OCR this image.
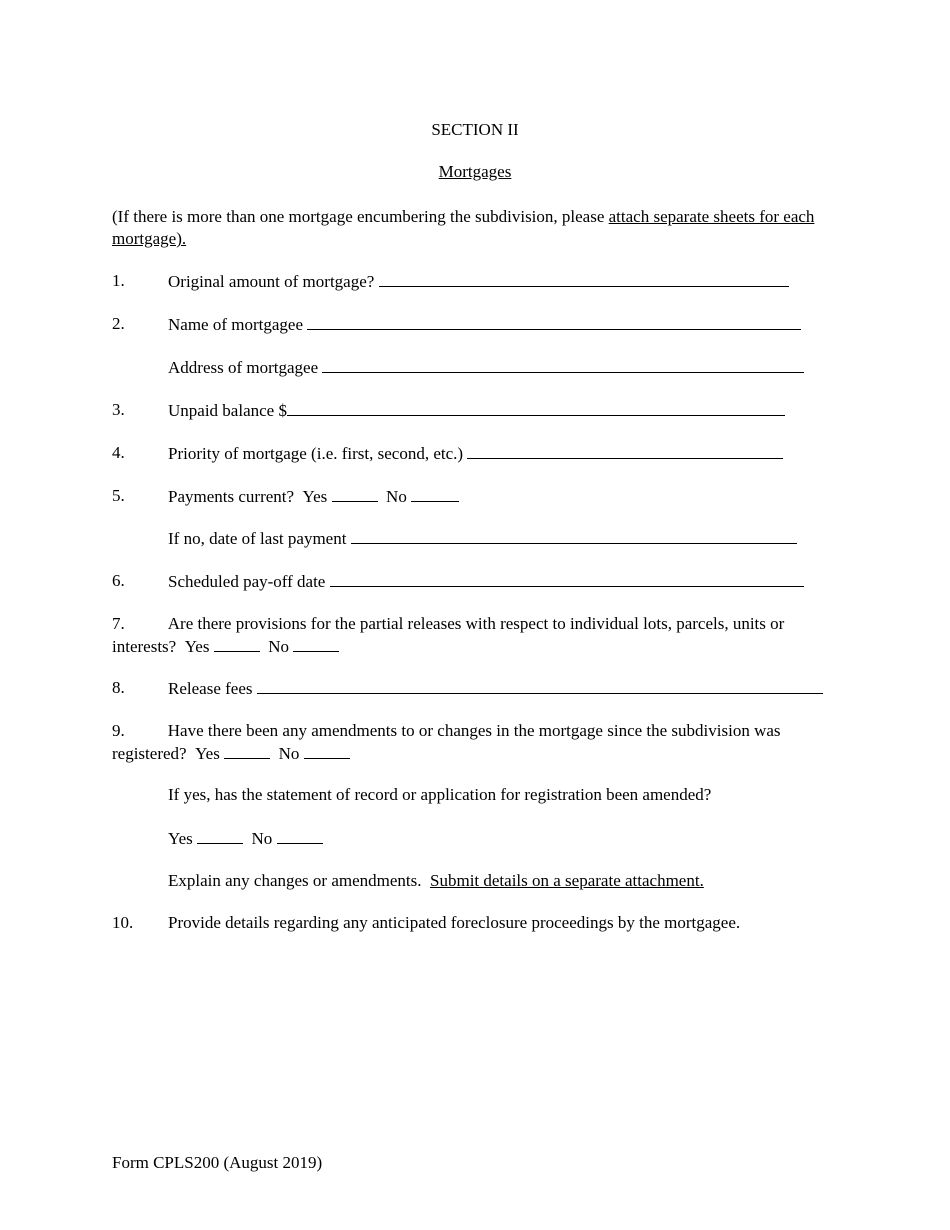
SECTION II
Mortgages
(If there is more than one mortgage encumbering the subdivision, please attach separate sheets for each mortgage).
1.	Original amount of mortgage?
2.	Name of mortgagee
Address of mortgagee
3.	Unpaid balance $
4.	Priority of mortgage (i.e. first, second, etc.)
5.	Payments current? Yes	No
If no, date of last payment
6.	Scheduled pay-off date
7.	Are there provisions for the partial releases with respect to individual lots, parcels, units or interests? Yes	No
8.	Release fees
9.	Have there been any amendments to or changes in the mortgage since the subdivision was registered? Yes	No
If yes, has the statement of record or application for registration been amended?
Yes	No
Explain any changes or amendments. Submit details on a separate attachment.
10. Provide details regarding any anticipated foreclosure proceedings by the mortgagee.
Form CPLS200 (August 2019)
